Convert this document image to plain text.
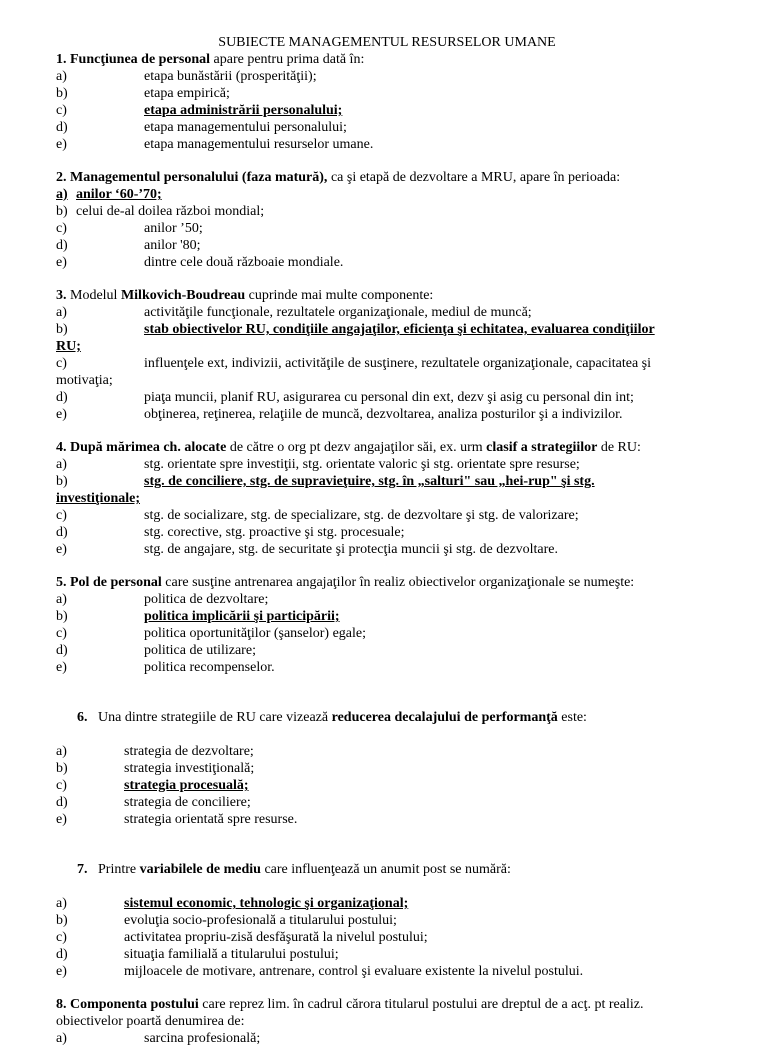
SUBIECTE MANAGEMENTUL RESURSELOR UMANE
1. Funcţiunea de personal apare pentru prima dată în:
a)	etapa bunăstării (prosperităţii);
b)	etapa empirică;
c)	etapa administrării personalului;
d)	etapa managementului personalului;
e)	etapa managementului resurselor umane.
2. Managementul personalului (faza matură), ca şi etapă de dezvoltare a MRU, apare în perioada:
a) anilor ‘60-’70;
b) celui de-al doilea război mondial;
c)	anilor ’50;
d)	anilor '80;
e)	dintre cele două războaie mondiale.
3. Modelul Milkovich-Boudreau cuprinde mai multe componente:
a)	activităţile funcţionale, rezultatele organizaţionale, mediul de muncă;
b)	stab obiectivelor RU, condiţiile angajaţilor, eficienţa şi echitatea, evaluarea condiţiilor
RU;
c)	influenţele ext, indivizii, activităţile de susţinere, rezultatele organizaţionale, capacitatea şi
motivaţia;
d)	piaţa muncii, planif RU, asigurarea cu personal din ext, dezv şi asig cu personal din int;
e)	obţinerea, reţinerea, relaţiile de muncă, dezvoltarea, analiza posturilor şi a indivizilor.
4. După mărimea ch. alocate de către o org pt dezv angajaţilor săi, ex. urm clasif a strategiilor de RU:
a)	stg. orientate spre investiţii, stg. orientate valoric şi stg. orientate spre resurse;
b)	stg. de conciliere, stg. de supravieţuire, stg. în „salturi" sau „hei-rup" şi stg.
investiţionale;
c)	stg. de socializare, stg. de specializare, stg. de dezvoltare şi stg. de valorizare;
d)	stg. corective, stg. proactive şi stg. procesuale;
e)	stg. de angajare, stg. de securitate şi protecţia muncii şi stg. de dezvoltare.
5. Pol de personal care susţine antrenarea angajaţilor în realiz obiectivelor organizaţionale se numeşte:
a)	politica de dezvoltare;
b)	politica implicării şi participării;
c)	politica oportunităţilor (şanselor) egale;
d)	politica de utilizare;
e)	politica recompenselor.

6.   Una dintre strategiile de RU care vizează reducerea decalajului de performanţă este:

a)	strategia de dezvoltare;
b)	strategia investiţională;
c)	strategia procesuală;
d)	strategia de conciliere;
e)	strategia orientată spre resurse.

7.   Printre variabilele de mediu care influenţează un anumit post se numără:

a)	sistemul economic, tehnologic şi organizaţional;
b)	evoluţia socio-profesională a titularului postului;
c)	activitatea propriu-zisă desfăşurată la nivelul postului;
d)	situaţia familială a titularului postului;
e)	mijloacele de motivare, antrenare, control şi evaluare existente la nivelul postului.
8. Componenta postului care reprez lim. în cadrul cărora titularul postului are dreptul de a acţ. pt realiz.
obiectivelor poartă denumirea de:
a)	sarcina profesională;
